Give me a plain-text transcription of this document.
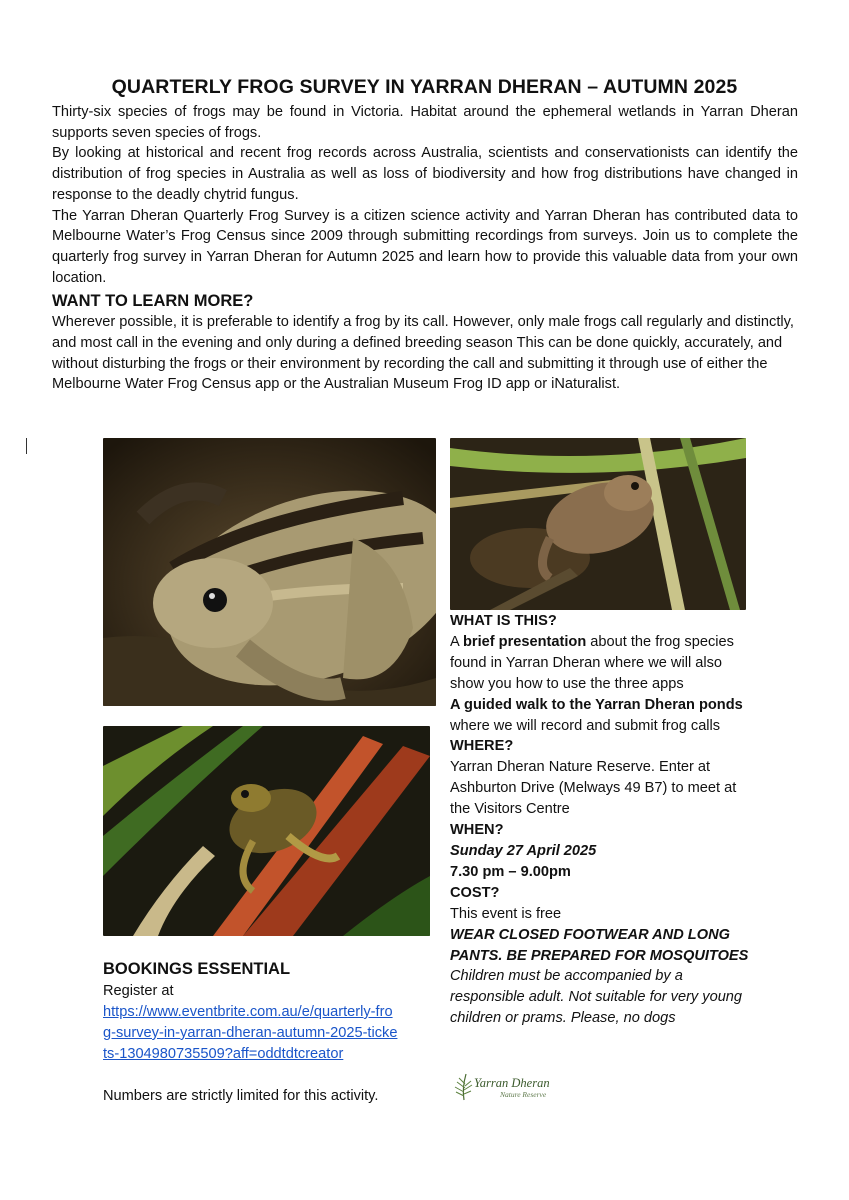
QUARTERLY FROG SURVEY IN YARRAN DHERAN – AUTUMN 2025

Thirty-six species of frogs may be found in Victoria. Habitat around the ephemeral wetlands in Yarran Dheran supports seven species of frogs.

By looking at historical and recent frog records across Australia, scientists and conservationists can identify the distribution of frog species in Australia as well as loss of biodiversity and how frog distributions have changed in response to the deadly chytrid fungus.

The Yarran Dheran Quarterly Frog Survey is a citizen science activity and Yarran Dheran has contributed data to Melbourne Water’s Frog Census since 2009 through submitting recordings from surveys. Join us to complete the quarterly frog survey in Yarran Dheran for Autumn 2025 and learn how to provide this valuable data from your own location.

WANT TO LEARN MORE?

Wherever possible, it is preferable to identify a frog by its call. However, only male frogs call regularly and distinctly, and most call in the evening and only during a defined breeding season This can be done quickly, accurately, and without disturbing the frogs or their environment by recording the call and submitting it through use of either the Melbourne Water Frog Census app or the Australian Museum Frog ID app or iNaturalist.

WHAT IS THIS?
A brief presentation about the frog species found in Yarran Dheran where we will also show you how to use the three apps
A guided walk to the Yarran Dheran ponds where we will record and submit frog calls
WHERE?
Yarran Dheran Nature Reserve. Enter at Ashburton Drive (Melways 49 B7) to meet at the Visitors Centre
WHEN?
Sunday 27 April 2025
7.30 pm – 9.00pm
COST?
This event is free
WEAR CLOSED FOOTWEAR AND LONG PANTS. BE PREPARED FOR MOSQUITOES
Children must be accompanied by a responsible adult. Not suitable for very young children or prams. Please, no dogs
Yarran Dheran
Nature Reserve
BOOKINGS ESSENTIAL
Register at
https://www.eventbrite.com.au/e/quarterly-frog-survey-in-yarran-dheran-autumn-2025-tickets-1304980735509?aff=oddtdtcreator
Numbers are strictly limited for this activity.
